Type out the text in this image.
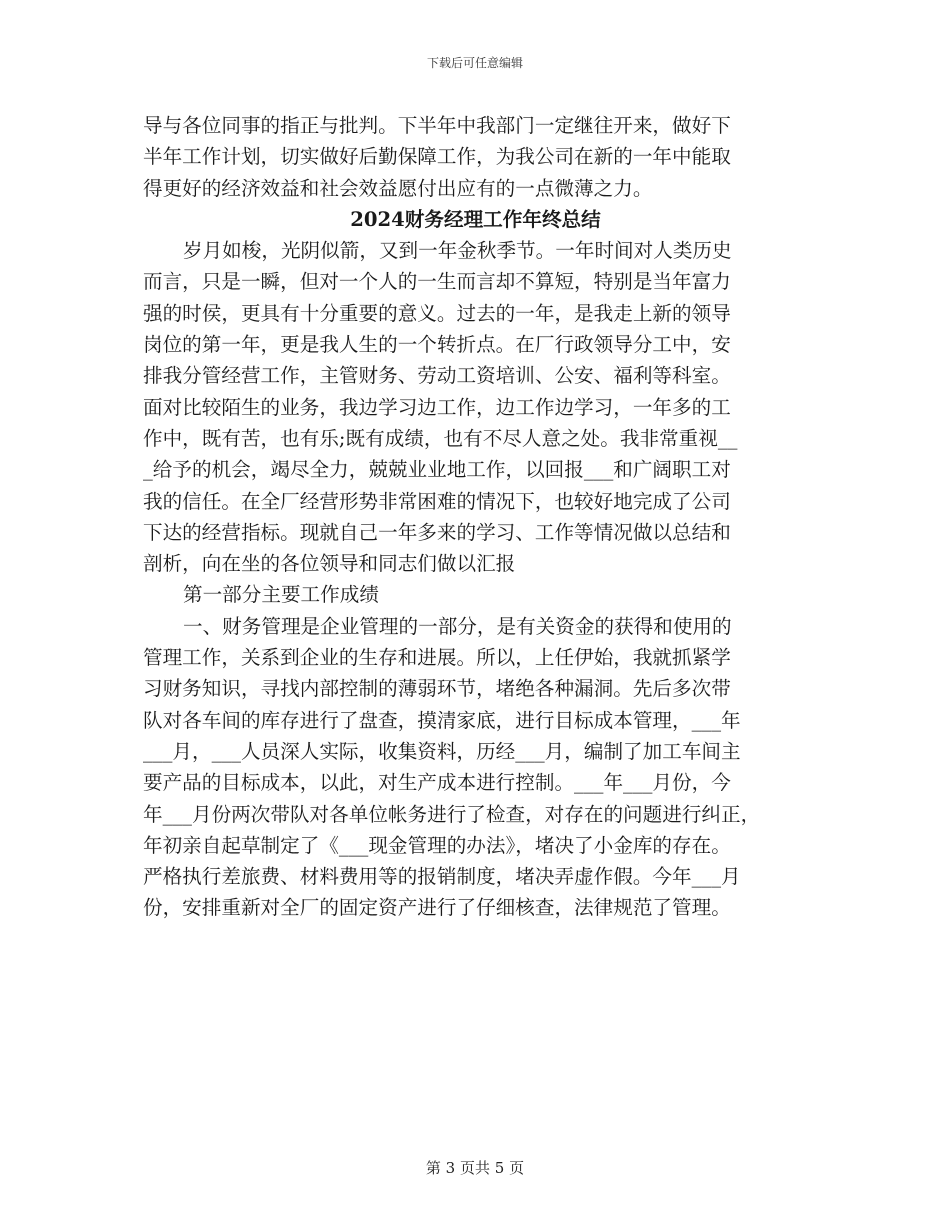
下载后可任意编辑
导与各位同事的指正与批判。下半年中我部门一定继往开来，做好下
半年工作计划，切实做好后勤保障工作，为我公司在新的一年中能取
得更好的经济效益和社会效益愿付出应有的一点微薄之力。
2024财务经理工作年终总结
岁月如梭，光阴似箭，又到一年金秋季节。一年时间对人类历史
而言，只是一瞬，但对一个人的一生而言却不算短，特别是当年富力
强的时侯，更具有十分重要的意义。过去的一年，是我走上新的领导
岗位的第一年，更是我人生的一个转折点。在厂行政领导分工中，安
排我分管经营工作，主管财务、劳动工资培训、公安、福利等科室。
面对比较陌生的业务，我边学习边工作，边工作边学习，一年多的工
作中，既有苦，也有乐;既有成绩，也有不尽人意之处。我非常重视__
_给予的机会，竭尽全力，兢兢业业地工作，以回报___和广阔职工对
我的信任。在全厂经营形势非常困难的情况下，也较好地完成了公司
下达的经营指标。现就自己一年多来的学习、工作等情况做以总结和
剖析，向在坐的各位领导和同志们做以汇报
第一部分主要工作成绩
一、财务管理是企业管理的一部分，是有关资金的获得和使用的
管理工作，关系到企业的生存和进展。所以，上任伊始，我就抓紧学
习财务知识，寻找内部控制的薄弱环节，堵绝各种漏洞。先后多次带
队对各车间的库存进行了盘查，摸清家底，进行目标成本管理，___年
___月，___人员深人实际，收集资料，历经___月，编制了加工车间主
要产品的目标成本，以此，对生产成本进行控制。___年___月份，今
年___月份两次带队对各单位帐务进行了检查，对存在的问题进行纠正，
年初亲自起草制定了《___现金管理的办法》，堵决了小金库的存在。
严格执行差旅费、材料费用等的报销制度，堵决弄虚作假。今年___月
份，安排重新对全厂的固定资产进行了仔细核查，法律规范了管理。
第 3 页共 5 页
